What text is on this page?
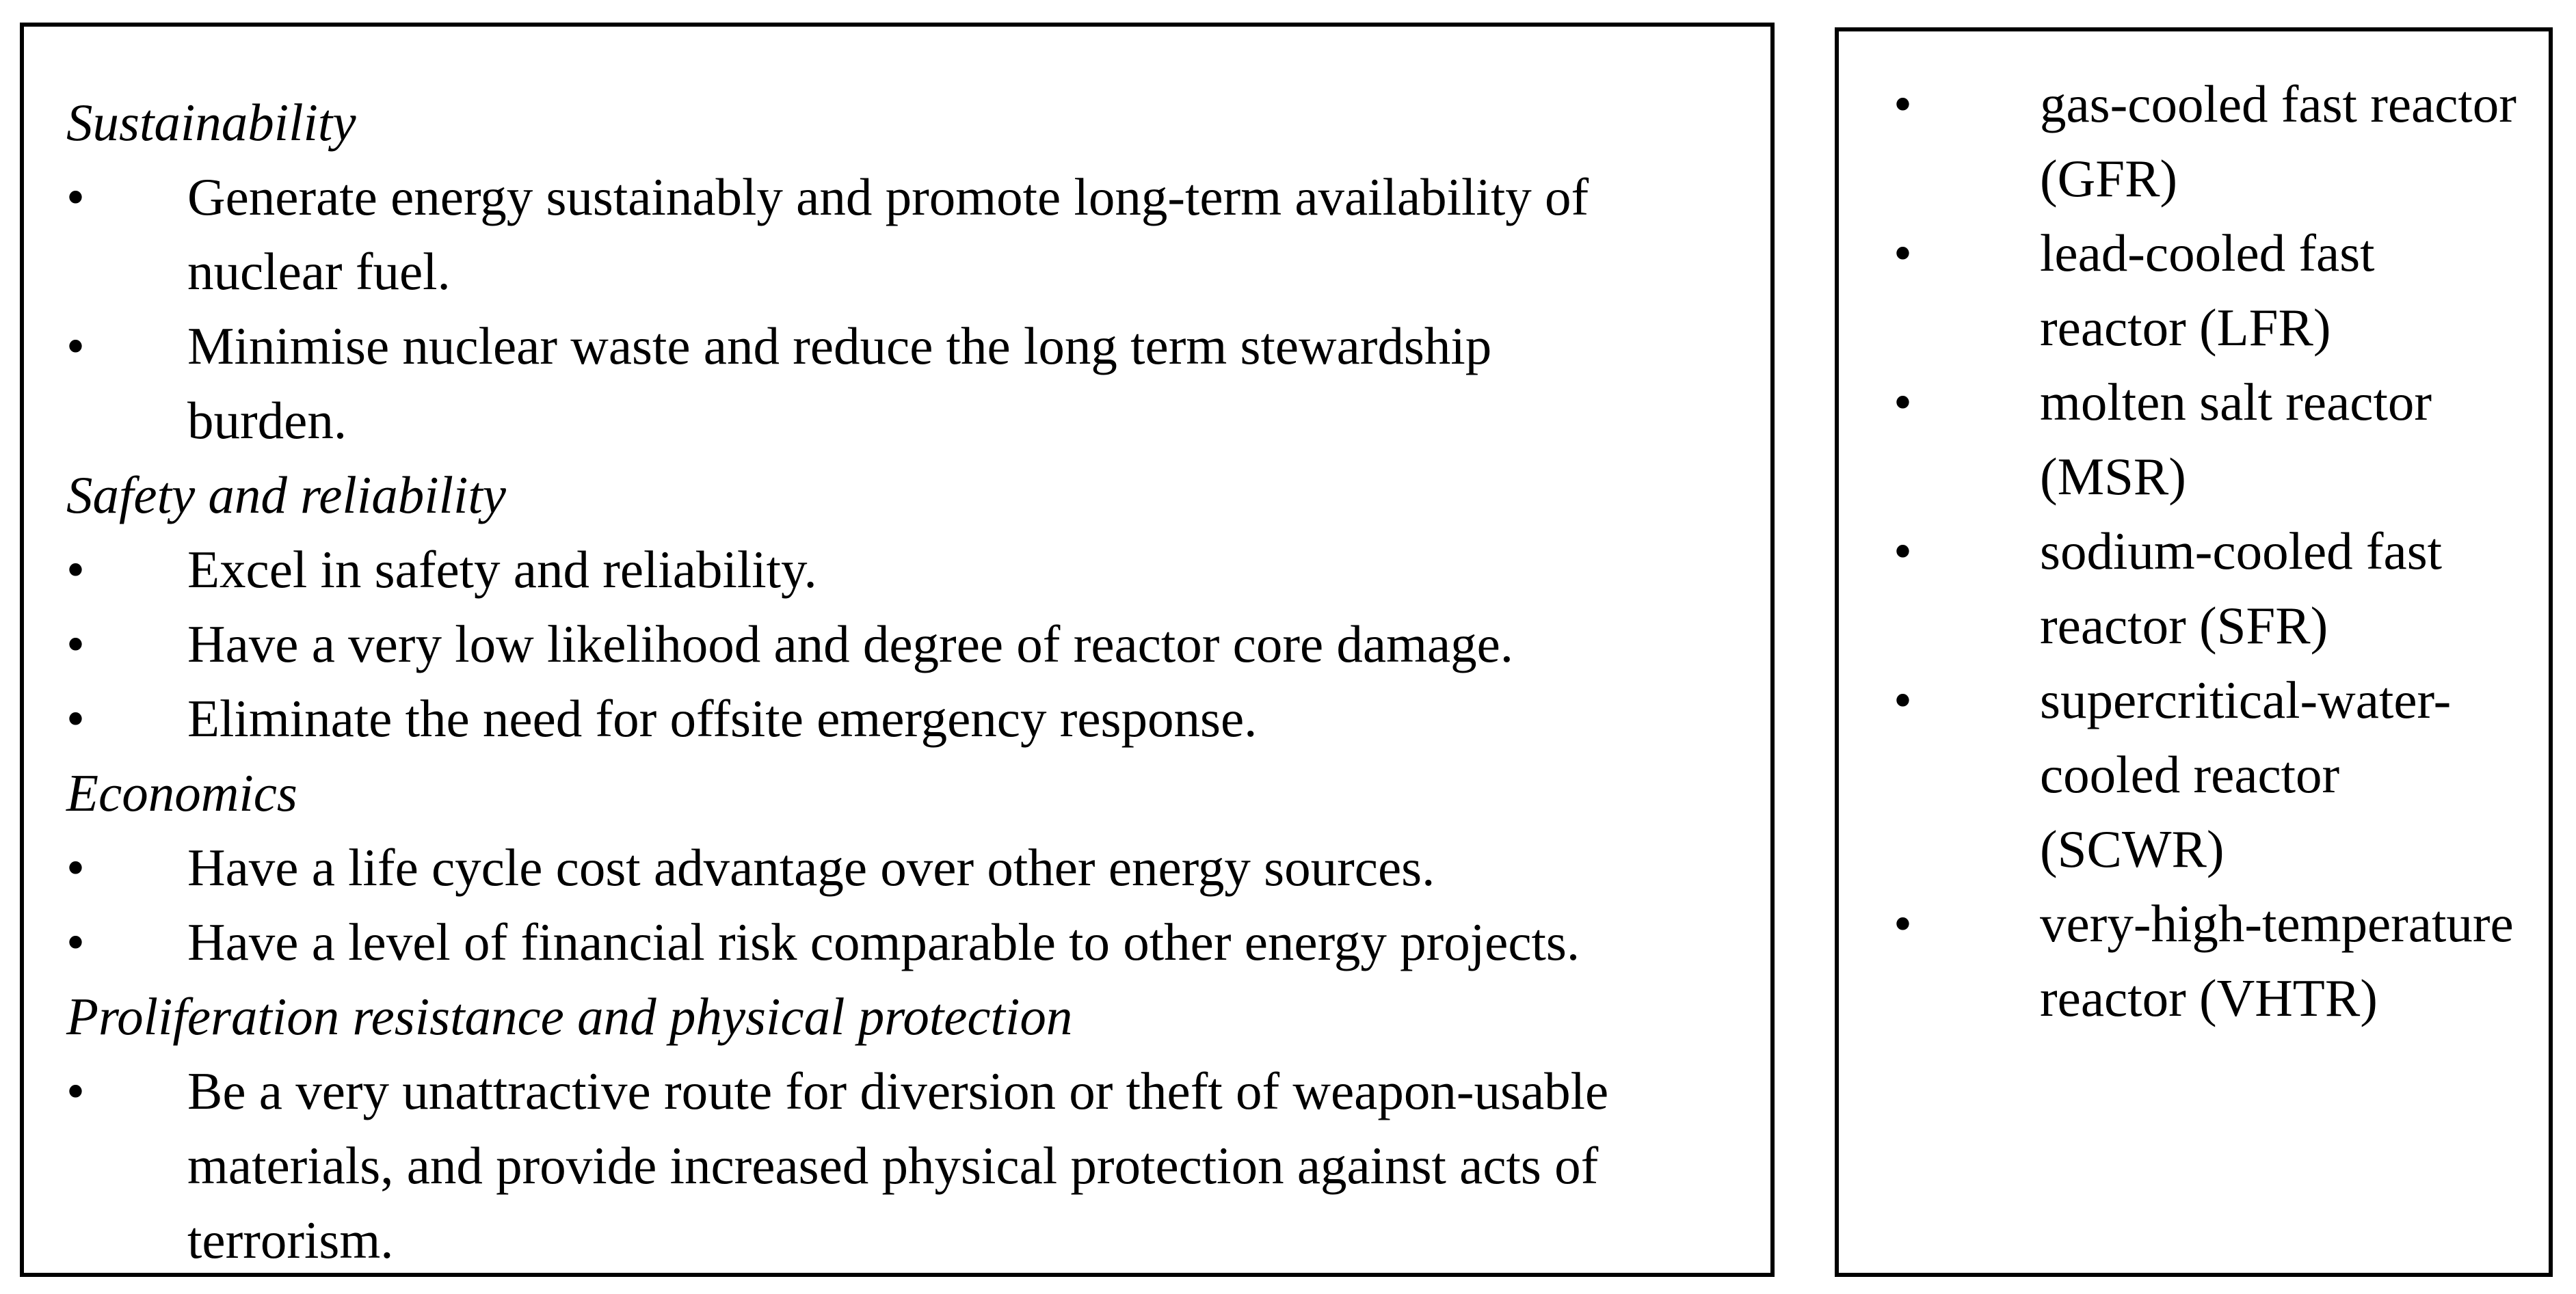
Sustainability
•	Generate energy sustainably and promote long-term availability of
nuclear fuel.
•	Minimise nuclear waste and reduce the long term stewardship
burden.
Safety and reliability
•	Excel in safety and reliability.
•	Have a very low likelihood and degree of reactor core damage.
•	Eliminate the need for offsite emergency response.
Economics
•	Have a life cycle cost advantage over other energy sources.
•	Have a level of financial risk comparable to other energy projects.
Proliferation resistance and physical protection
•	Be a very unattractive route for diversion or theft of weapon-usable
materials, and provide increased physical protection against acts of
terrorism.
•	gas-cooled fast reactor
(GFR)
•	lead-cooled fast
reactor (LFR)
•	molten salt reactor
(MSR)
•	sodium-cooled fast
reactor (SFR)
•	supercritical-water-
cooled reactor
(SCWR)
•	very-high-temperature
reactor (VHTR)
